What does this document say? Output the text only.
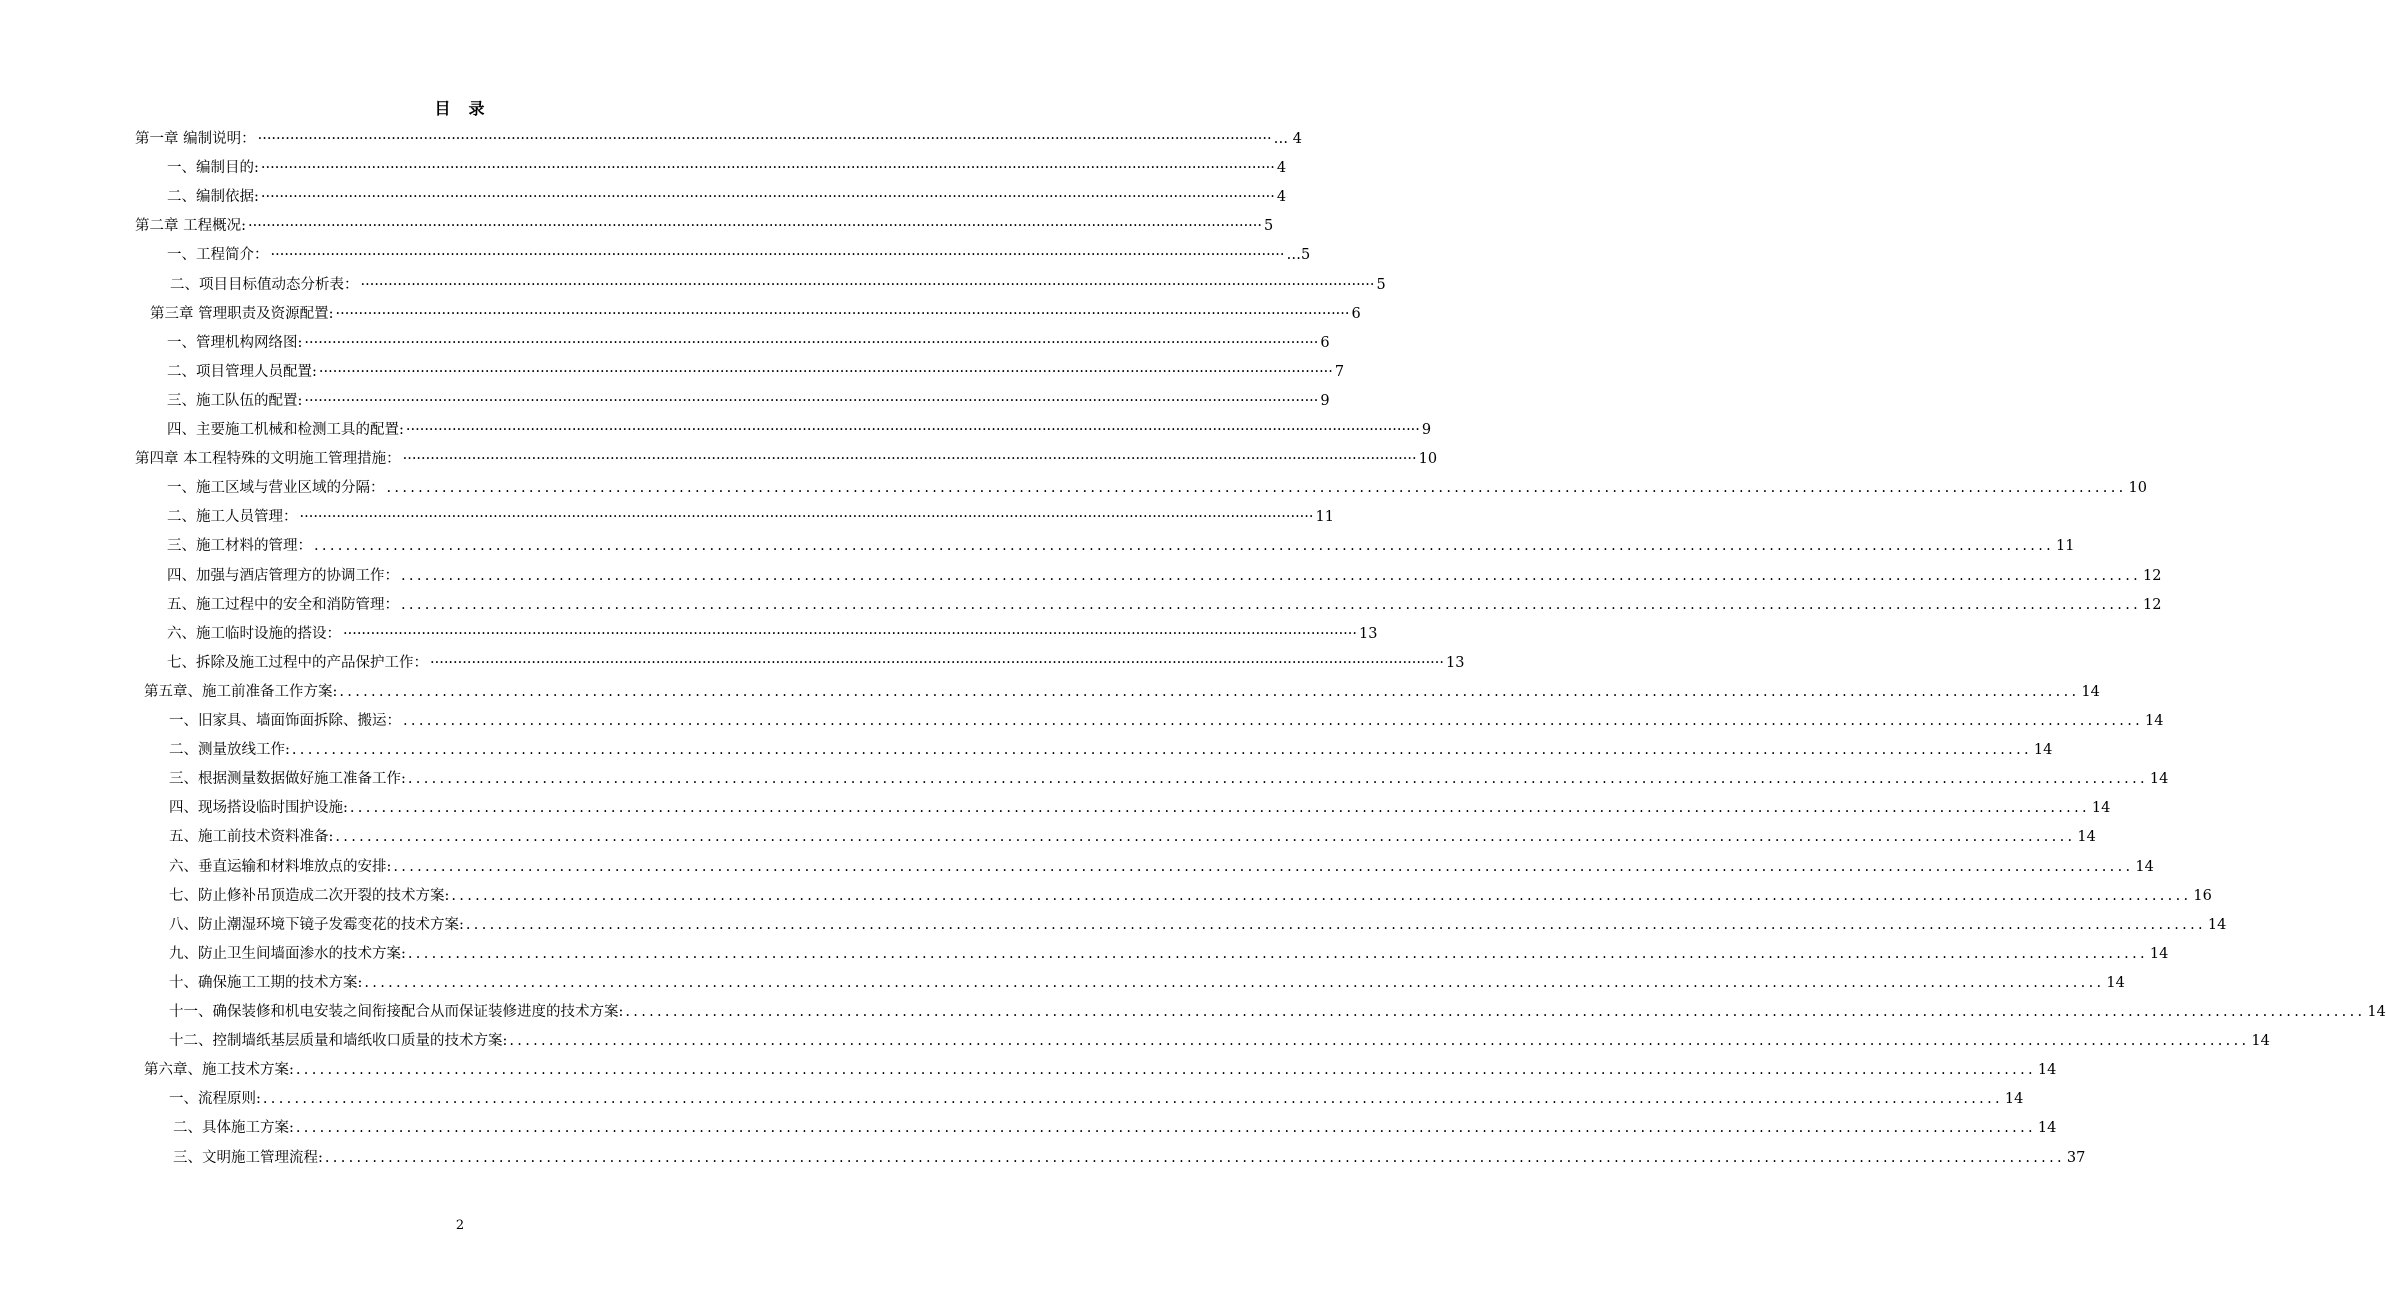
目　录
第一章 编制说明： ···························································································································································································································· … 4
一、编制目的: ···························································································································································································································· 4
二、编制依据: ···························································································································································································································· 4
第二章 工程概况: ···························································································································································································································· 5
一、工程简介： ···························································································································································································································· …5
二、项目目标值动态分析表： ···························································································································································································································· 5
第三章 管理职责及资源配置: ···························································································································································································································· 6
一、管理机构网络图: ···························································································································································································································· 6
二、项目管理人员配置: ···························································································································································································································· 7
三、施工队伍的配置: ···························································································································································································································· 9
四、主要施工机械和检测工具的配置: ···························································································································································································································· 9
第四章 本工程特殊的文明施工管理措施： ···························································································································································································································· 10
一、施工区域与营业区域的分隔： ............................................................................................................................................................................................................................ 10
二、施工人员管理： ···························································································································································································································· 11
三、施工材料的管理： ............................................................................................................................................................................................................................ 11
四、加强与酒店管理方的协调工作： ............................................................................................................................................................................................................................ 12
五、施工过程中的安全和消防管理： ............................................................................................................................................................................................................................ 12
六、施工临时设施的搭设： ···························································································································································································································· 13
七、拆除及施工过程中的产品保护工作： ···························································································································································································································· 13
第五章、施工前准备工作方案: ............................................................................................................................................................................................................................ 14
一、旧家具、墙面饰面拆除、搬运： ............................................................................................................................................................................................................................ 14
二、测量放线工作: ............................................................................................................................................................................................................................ 14
三、根据测量数据做好施工准备工作: ............................................................................................................................................................................................................................ 14
四、现场搭设临时围护设施: ............................................................................................................................................................................................................................ 14
五、施工前技术资料准备: ............................................................................................................................................................................................................................ 14
六、垂直运输和材料堆放点的安排: ............................................................................................................................................................................................................................ 14
七、防止修补吊顶造成二次开裂的技术方案: ............................................................................................................................................................................................................................ 16
八、防止潮湿环境下镜子发霉变花的技术方案: ............................................................................................................................................................................................................................ 14
九、防止卫生间墙面渗水的技术方案: ............................................................................................................................................................................................................................ 14
十、确保施工工期的技术方案: ............................................................................................................................................................................................................................ 14
十一、确保装修和机电安装之间衔接配合从而保证装修进度的技术方案: ............................................................................................................................................................................................................................ 14
十二、控制墙纸基层质量和墙纸收口质量的技术方案: ............................................................................................................................................................................................................................ 14
第六章、施工技术方案: ............................................................................................................................................................................................................................ 14
一、流程原则: ............................................................................................................................................................................................................................ 14
二、具体施工方案: ............................................................................................................................................................................................................................ 14
三、文明施工管理流程: ............................................................................................................................................................................................................................ 37
2
